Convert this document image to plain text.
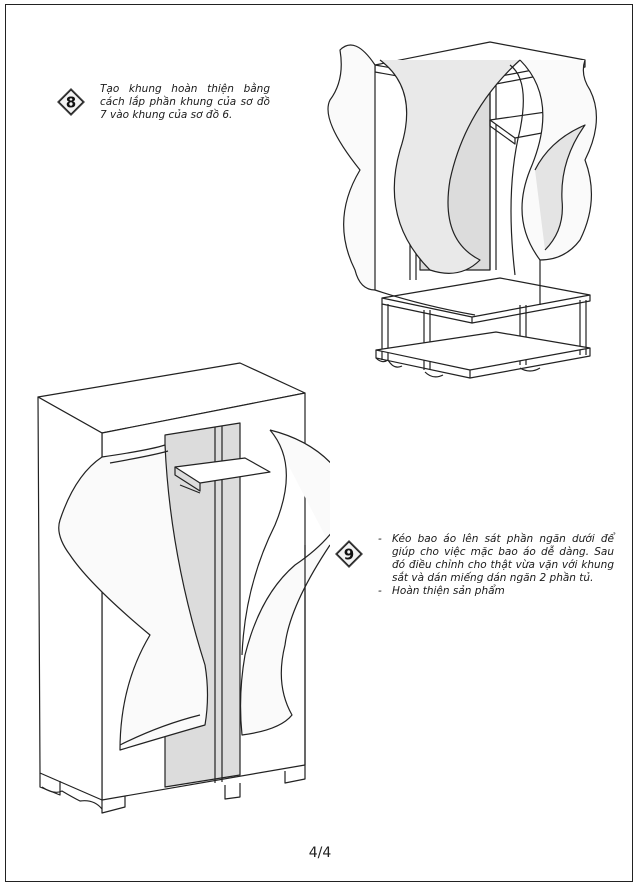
8
Tạo khung hoàn thiện bằng cách lắp phần khung của sơ đồ 7 vào khung của sơ đồ 6.
9
- Kéo bao áo lên sát phần ngăn dưới để giúp cho việc mặc bao áo dễ dàng. Sau đó điều chỉnh cho thật vừa vặn với khung sắt và dán miếng dán ngăn 2 phần tủ.
- Hoàn thiện sản phẩm
4/4
